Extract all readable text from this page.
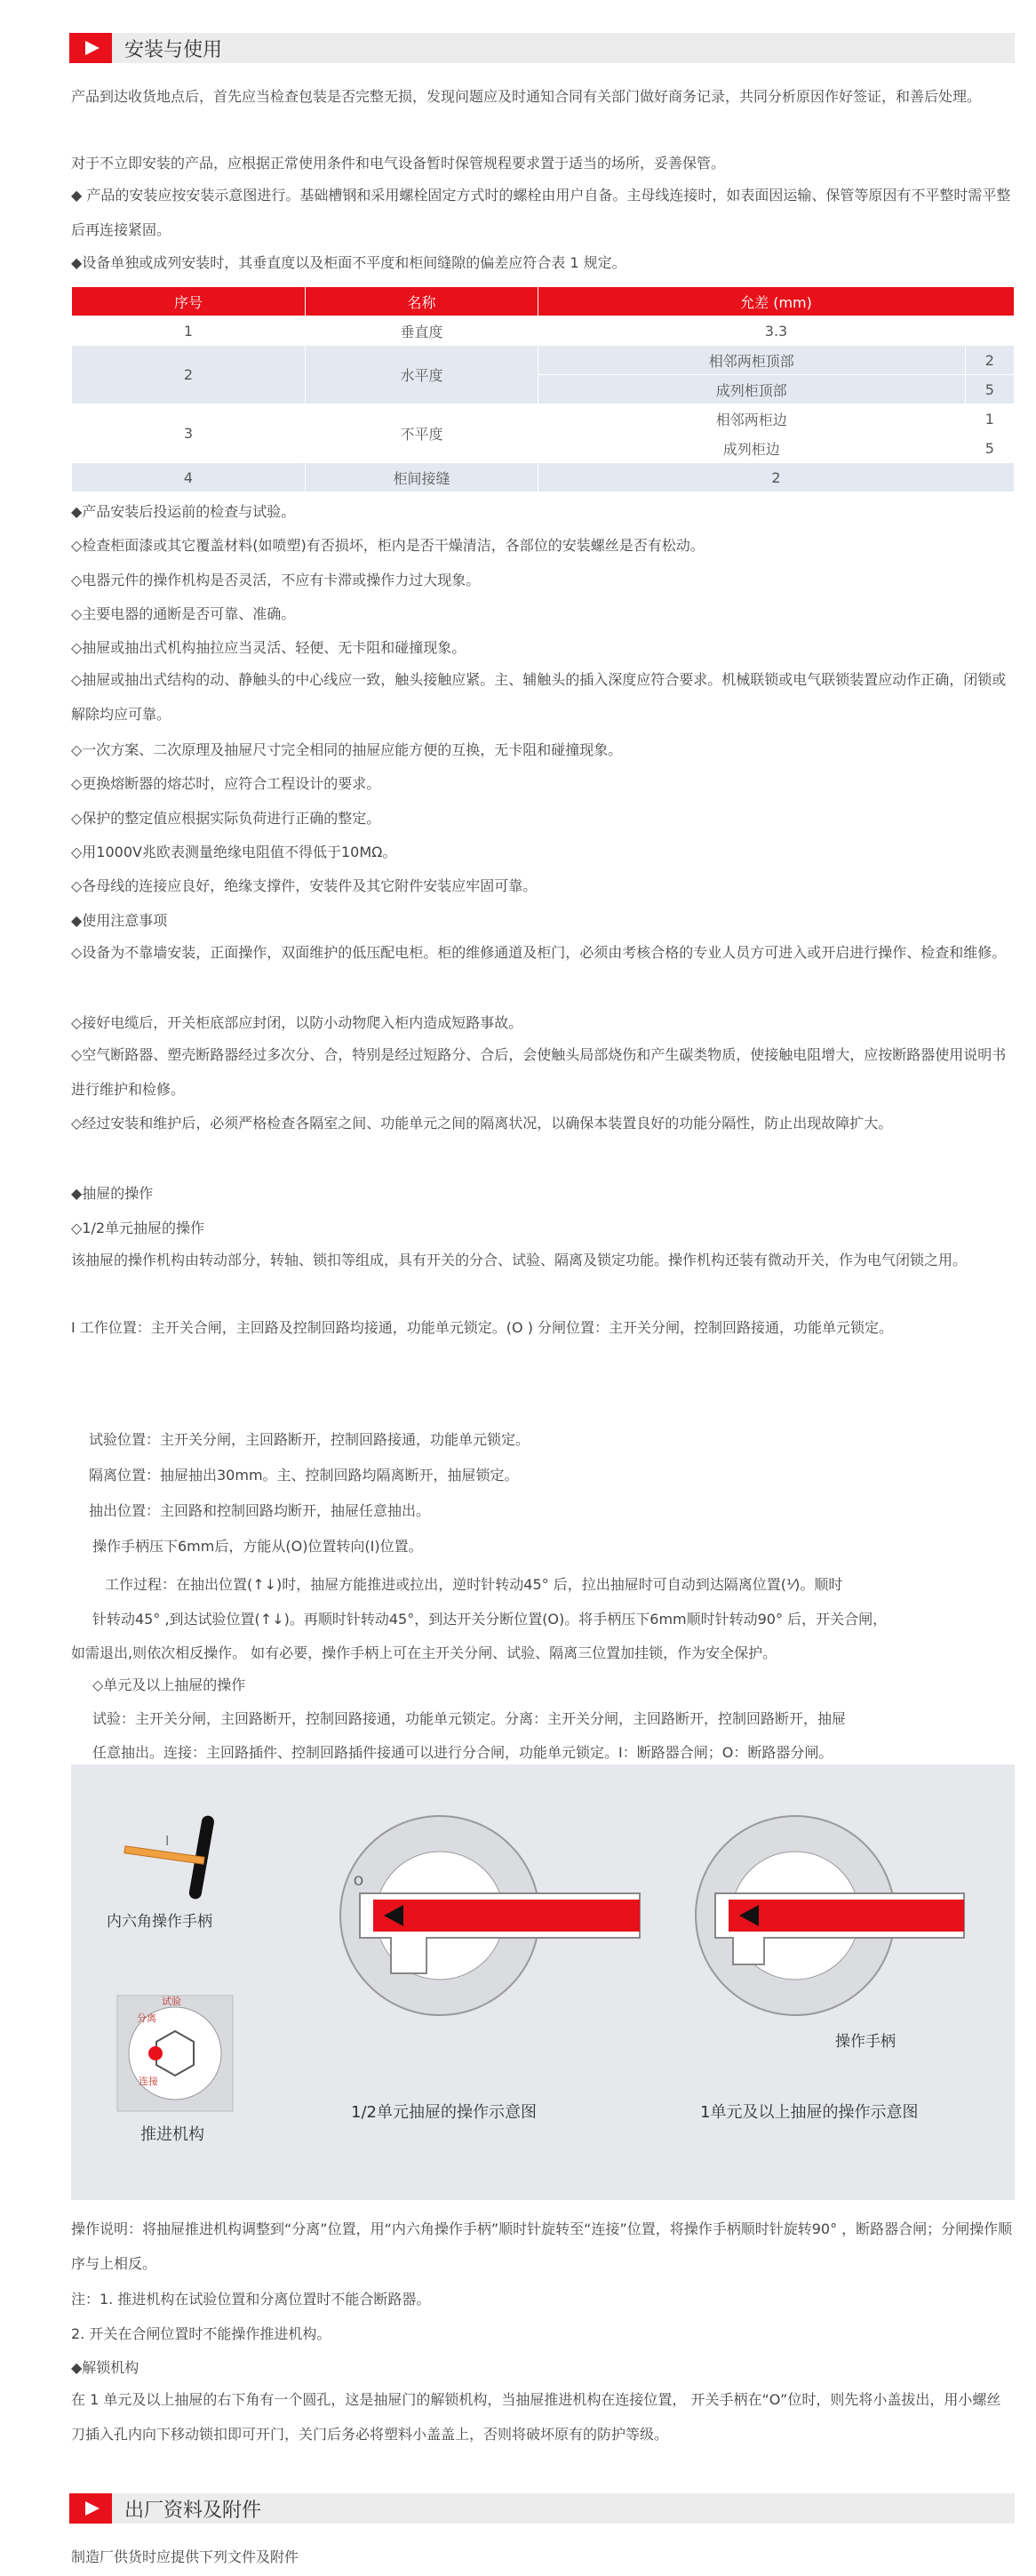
安装与使用
产品到达收货地点后，首先应当检查包装是否完整无损，发现问题应及时通知合同有关部门做好商务记录，共同分析原因作好签证，和善后处理。
对于不立即安装的产品，应根据正常使用条件和电气设备暂时保管规程要求置于适当的场所，妥善保管。
◆ 产品的安装应按安装示意图进行。基础槽钢和采用螺栓固定方式时的螺栓由用户自备。主母线连接时，如表面因运输、保管等原因有不平整时需平整后再连接紧固。
◆设备单独或成列安装时，其垂直度以及柜面不平度和柜间缝隙的偏差应符合表 1 规定。
序号	名称	允差 (mm)	
1	垂直度	3.3	
2	水平度	相邻两柜顶部	2
		成列柜顶部	5
3	不平度	相邻两柜边	1
		成列柜边	5
4	柜间接缝	2	
◆产品安装后投运前的检查与试验。
◇检查柜面漆或其它覆盖材料(如喷塑)有否损坏，柜内是否干燥清洁，各部位的安装螺丝是否有松动。
◇电器元件的操作机构是否灵活，不应有卡滞或操作力过大现象。
◇主要电器的通断是否可靠、准确。
◇抽屉或抽出式机构抽拉应当灵活、轻便、无卡阻和碰撞现象。
◇抽屉或抽出式结构的动、静触头的中心线应一致，触头接触应紧。主、辅触头的插入深度应符合要求。机械联锁或电气联锁装置应动作正确，闭锁或解除均应可靠。
◇一次方案、二次原理及抽屉尺寸完全相同的抽屉应能方便的互换，无卡阻和碰撞现象。
◇更换熔断器的熔芯时，应符合工程设计的要求。
◇保护的整定值应根据实际负荷进行正确的整定。
◇用1000V兆欧表测量绝缘电阻值不得低于10MΩ。
◇各母线的连接应良好，绝缘支撑件，安装件及其它附件安装应牢固可靠。
◆使用注意事项
◇设备为不靠墙安装，正面操作，双面维护的低压配电柜。柜的维修通道及柜门，必须由考核合格的专业人员方可进入或开启进行操作、检查和维修。
◇接好电缆后，开关柜底部应封闭，以防小动物爬入柜内造成短路事故。
◇空气断路器、塑壳断路器经过多次分、合，特别是经过短路分、合后，会使触头局部烧伤和产生碳类物质，使接触电阻增大，应按断路器使用说明书进行维护和检修。
◇经过安装和维护后，必须严格检查各隔室之间、功能单元之间的隔离状况，以确保本装置良好的功能分隔性，防止出现故障扩大。
◆抽屉的操作
◇1/2单元抽屉的操作
该抽屉的操作机构由转动部分，转轴、锁扣等组成，具有开关的分合、试验、隔离及锁定功能。操作机构还装有微动开关，作为电气闭锁之用。
Ⅰ 工作位置：主开关合闸，主回路及控制回路均接通，功能单元锁定。(O ) 分闸位置：主开关分闸，控制回路接通，功能单元锁定。
试验位置：主开关分闸，主回路断开，控制回路接通，功能单元锁定。
隔离位置：抽屉抽出30mm。主、控制回路均隔离断开，抽屉锁定。
抽出位置：主回路和控制回路均断开，抽屉任意抽出。
操作手柄压下6mm后，方能从(O)位置转向(I)位置。
工作过程：在抽出位置(↑↓)时，抽屉方能推进或拉出，逆时针转动45° 后，拉出抽屉时可自动到达隔离位置(⅟)。顺时
针转动45° ,到达试验位置(↑↓)。再顺时针转动45°，到达开关分断位置(O)。将手柄压下6mm顺时针转动90° 后，开关合闸，
如需退出,则依次相反操作。 如有必要，操作手柄上可在主开关分闸、试验、隔离三位置加挂锁，作为安全保护。
◇单元及以上抽屉的操作
试验：主开关分闸，主回路断开，控制回路接通，功能单元锁定。分离：主开关分闸，主回路断开，控制回路断开，抽屉
任意抽出。连接：主回路插件、控制回路插件接通可以进行分合闸，功能单元锁定。I：断路器合闸；O：断路器分闸。
内六角操作手柄
I
推进机构
O
1/2单元抽屉的操作示意图
操作手柄
1单元及以上抽屉的操作示意图
分离
试验
连接
操作说明：将抽屉推进机构调整到“分离”位置，用“内六角操作手柄”顺时针旋转至“连接”位置，将操作手柄顺时针旋转90° ，断路器合闸；分闸操作顺序与上相反。
注：1. 推进机构在试验位置和分离位置时不能合断路器。
2. 开关在合闸位置时不能操作推进机构。
◆解锁机构
在 1 单元及以上抽屉的右下角有一个圆孔，这是抽屉门的解锁机构，当抽屉推进机构在连接位置， 开关手柄在“O”位时，则先将小盖拔出，用小螺丝刀插入孔内向下移动锁扣即可开门，关门后务必将塑料小盖盖上，否则将破坏原有的防护等级。
出厂资料及附件
制造厂供货时应提供下列文件及附件
